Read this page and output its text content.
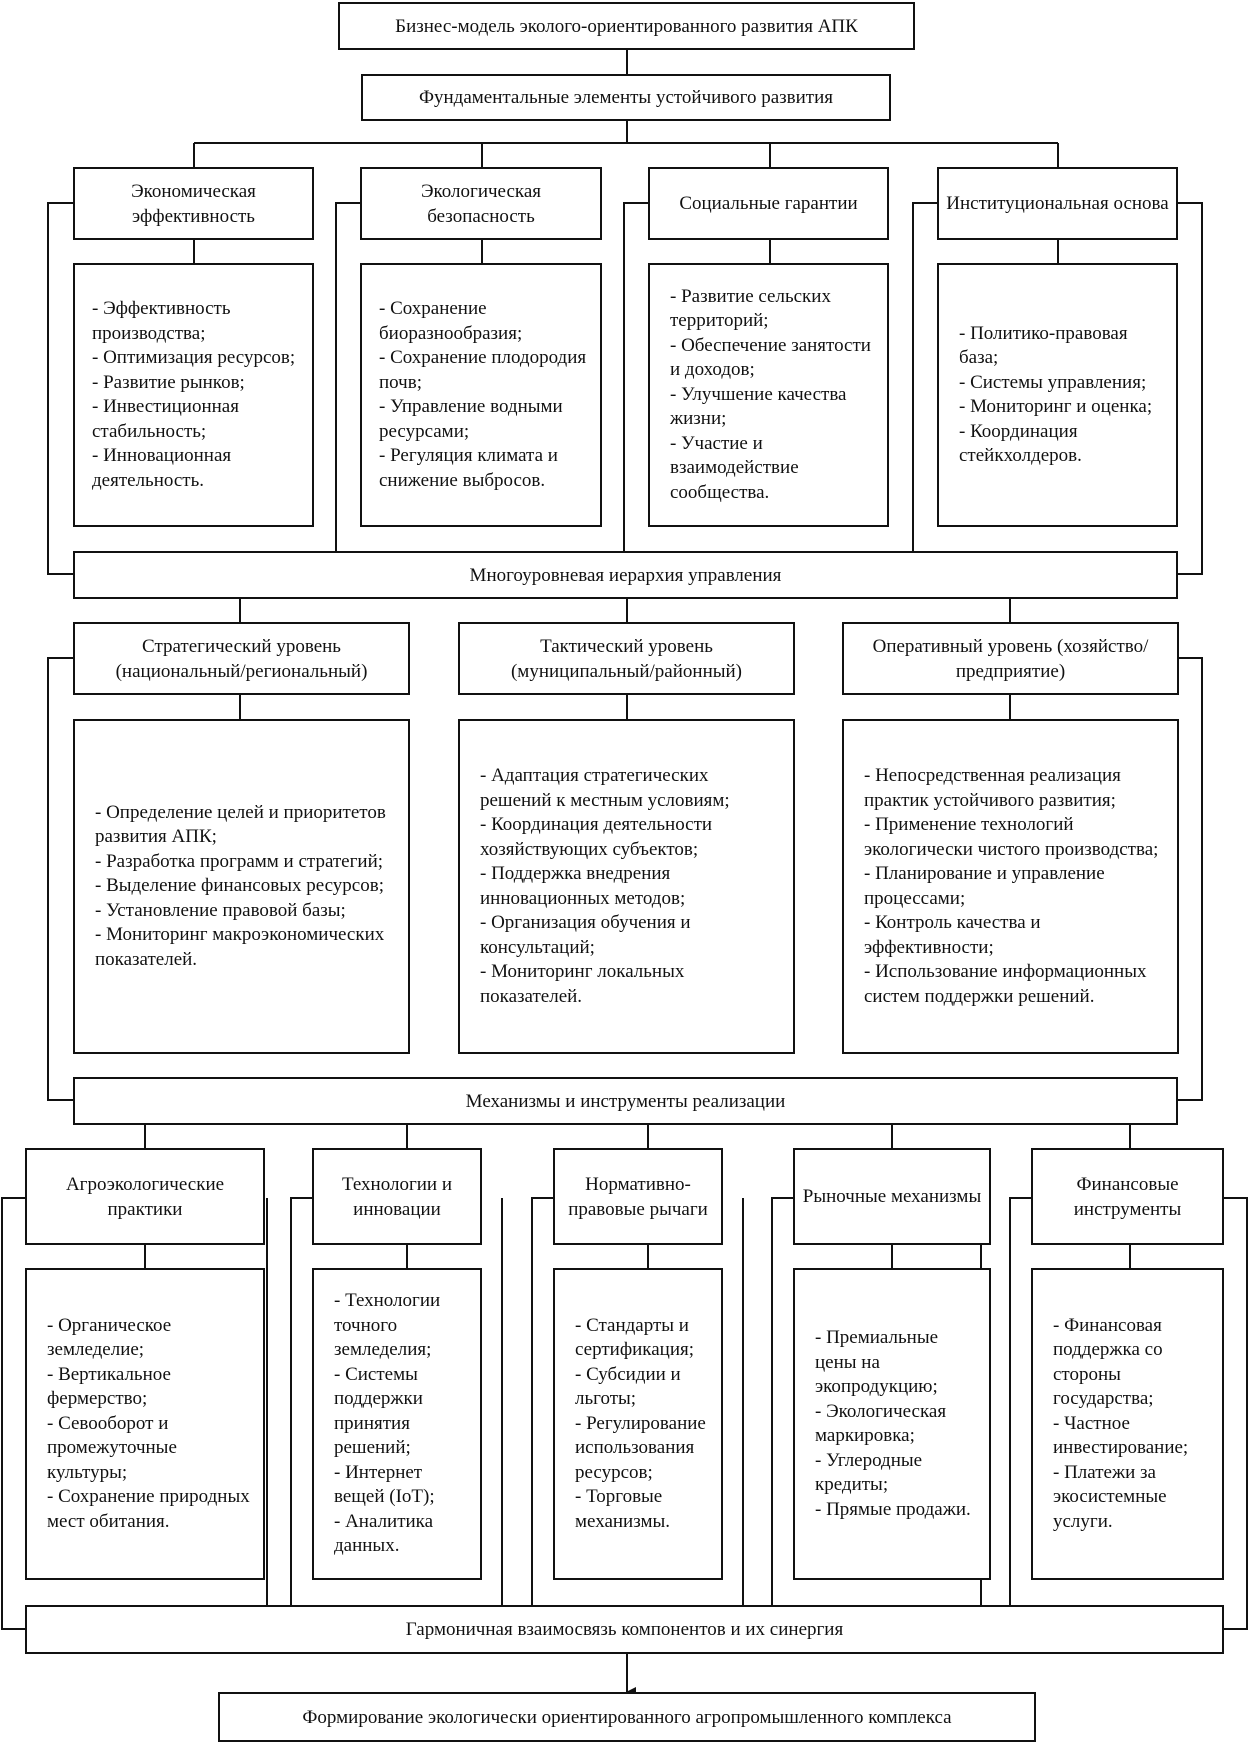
Бизнес-модель эколого-ориентированного развития АПК
Фундаментальные элементы устойчивого развития
Экономическая эффективность
Экологическая безопасность
Социальные гарантии	Институциональная основа
- Эффективность производства;
- Оптимизация ресурсов;
- Развитие рынков;
- Инвестиционная стабильность;
- Инновационная деятельность.
- Сохранение биоразнообразия;
- Сохранение плодородия почв;
- Управление водными ресурсами;
- Регуляция климата и снижение выбросов.
- Развитие сельских территорий;
- Обеспечение занятости и доходов;
- Улучшение качества жизни;
- Участие и взаимодействие сообщества.
- Политико-правовая база;
- Системы управления;
- Мониторинг и оценка;
- Координация стейкхолдеров.
Многоуровневая иерархия управления
Стратегический уровень (национальный/региональный)
Тактический уровень (муниципальный/районный)
Оперативный уровень (хозяйство/предприятие)
- Определение целей и приоритетов развития АПК;
- Разработка программ и стратегий;
- Выделение финансовых ресурсов;
- Установление правовой базы;
- Мониторинг макроэкономических показателей.
- Адаптация стратегических решений к местным условиям;
- Координация деятельности хозяйствующих субъектов;
- Поддержка внедрения инновационных методов;
- Организация обучения и консультаций;
- Мониторинг локальных показателей.
- Непосредственная реализация практик устойчивого развития;
- Применение технологий экологически чистого производства;
- Планирование и управление процессами;
- Контроль качества и эффективности;
- Использование информационных систем поддержки решений.
Механизмы и инструменты реализации
Агроэкологические практики
Технологии и инновации
Нормативно-правовые рычаги
Рыночные механизмы
Финансовые инструменты
- Органическое земледелие;
- Вертикальное фермерство;
- Севооборот и промежуточные культуры;
- Сохранение природных мест обитания.
- Технологии точного земледелия;
- Системы поддержки принятия решений;
- Интернет вещей (IoT);
- Аналитика данных.
- Стандарты и сертификация;
- Субсидии и льготы;
- Регулирование использования ресурсов;
- Торговые механизмы.
- Премиальные цены на экопродукцию;
- Экологическая маркировка;
- Углеродные кредиты;
- Прямые продажи.
- Финансовая поддержка со стороны государства;
- Частное инвестирование;
- Платежи за экосистемные услуги.
Гармоничная взаимосвязь компонентов и их синергия
Формирование экологически ориентированного агропромышленного комплекса
